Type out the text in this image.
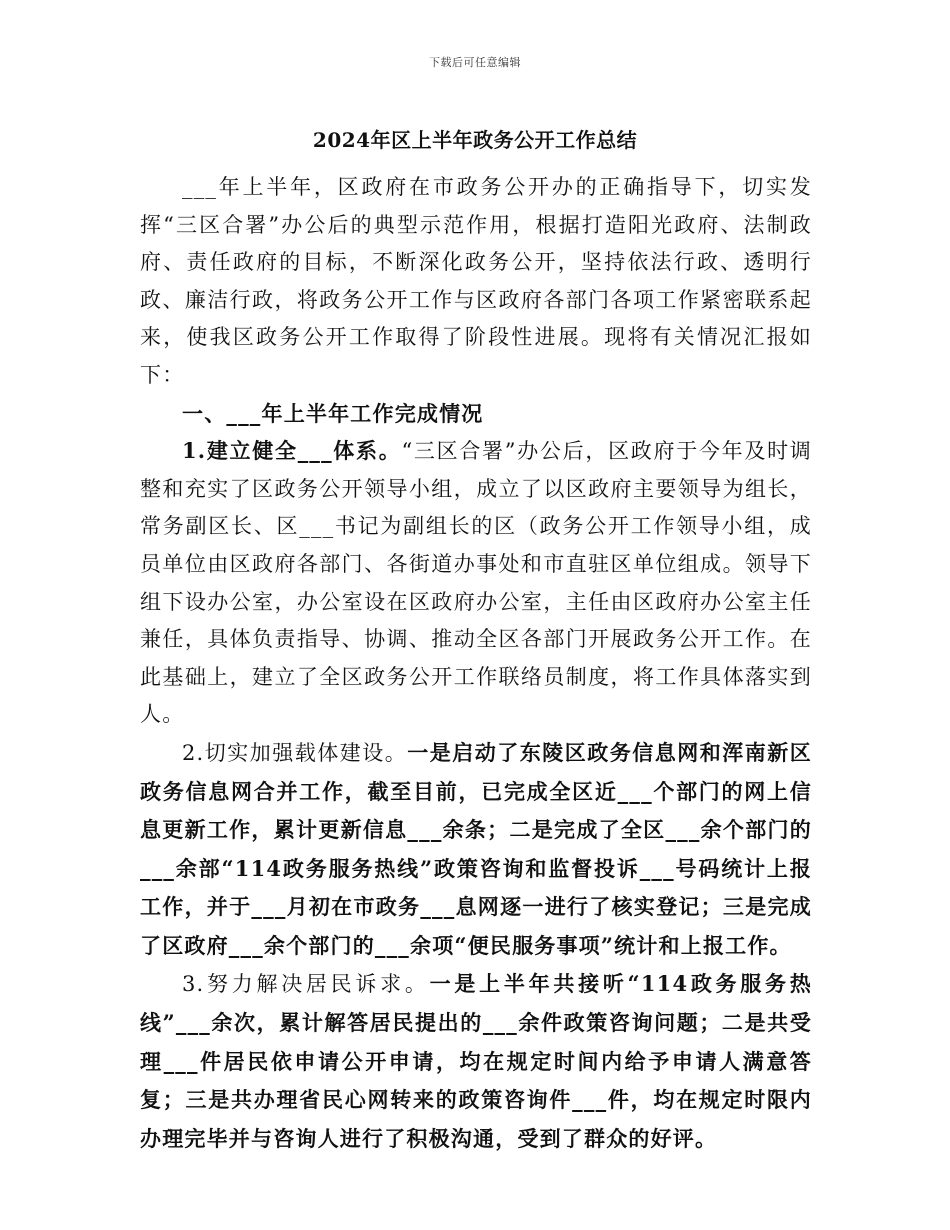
下载后可任意编辑
2024年区上半年政务公开工作总结

___年上半年，区政府在市政务公开办的正确指导下，切实发挥“三区合署”办公后的典型示范作用，根据打造阳光政府、法制政府、责任政府的目标，不断深化政务公开，坚持依法行政、透明行政、廉洁行政，将政务公开工作与区政府各部门各项工作紧密联系起来，使我区政务公开工作取得了阶段性进展。现将有关情况汇报如下：

一、___年上半年工作完成情况

1.建立健全___体系。“三区合署”办公后，区政府于今年及时调整和充实了区政务公开领导小组，成立了以区政府主要领导为组长，常务副区长、区___书记为副组长的区（政务公开工作领导小组，成员单位由区政府各部门、各街道办事处和市直驻区单位组成。领导下组下设办公室，办公室设在区政府办公室，主任由区政府办公室主任兼任，具体负责指导、协调、推动全区各部门开展政务公开工作。在此基础上，建立了全区政务公开工作联络员制度，将工作具体落实到人。

2.切实加强载体建设。一是启动了东陵区政务信息网和浑南新区政务信息网合并工作，截至目前，已完成全区近___个部门的网上信息更新工作，累计更新信息___余条；二是完成了全区___余个部门的___余部“114政务服务热线”政策咨询和监督投诉___号码统计上报工作，并于___月初在市政务___息网逐一进行了核实登记；三是完成了区政府___余个部门的___余项“便民服务事项”统计和上报工作。

3.努力解决居民诉求。一是上半年共接听“114政务服务热线”___余次，累计解答居民提出的___余件政策咨询问题；二是共受理___件居民依申请公开申请，均在规定时间内给予申请人满意答复；三是共办理省民心网转来的政策咨询件___件，均在规定时限内办理完毕并与咨询人进行了积极沟通，受到了群众的好评。
